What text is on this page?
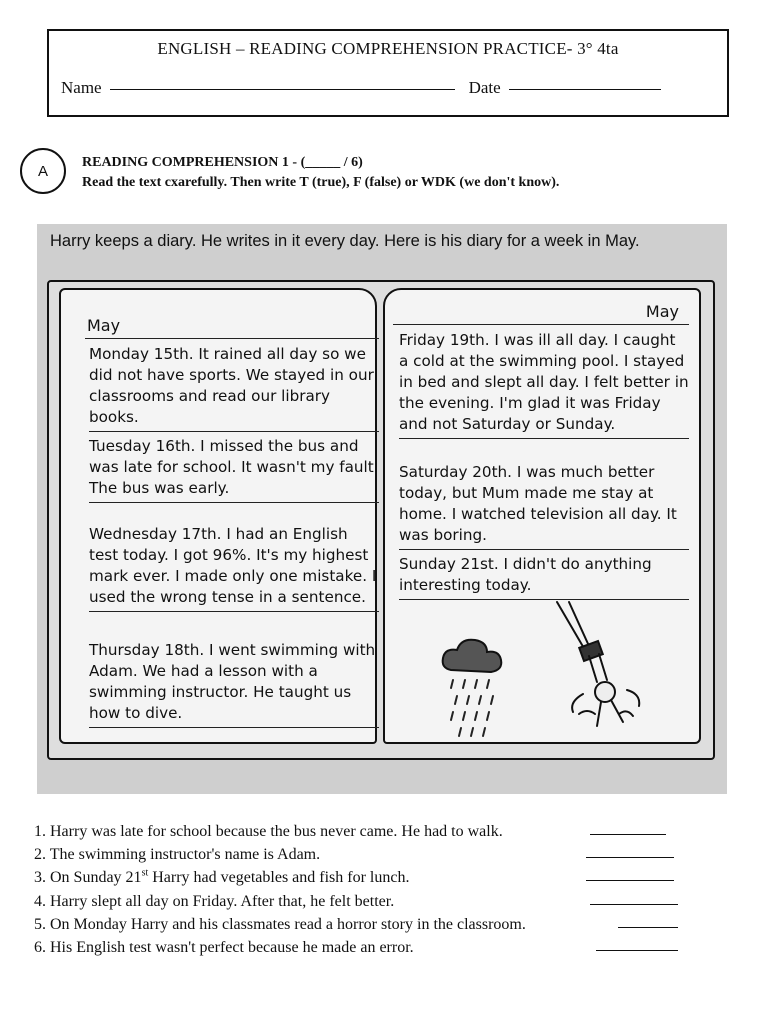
ENGLISH – READING COMPREHENSION PRACTICE- 3° 4ta
Name	Date
A	READING COMPREHENSION 1 - (_____ / 6)
Read the text cxarefully. Then write T (true), F (false) or WDK (we don't know).
Harry keeps a diary. He writes in it every day. Here is his diary for a week in May.
May
Monday 15th. It rained all day so we did not have sports. We stayed in our classrooms and read our library books.
Tuesday 16th. I missed the bus and was late for school. It wasn't my fault. The bus was early.
Wednesday 17th. I had an English test today. I got 96%. It's my highest mark ever. I made only one mistake. I used the wrong tense in a sentence.
Thursday 18th. I went swimming with Adam. We had a lesson with a swimming instructor. He taught us how to dive.
May
Friday 19th. I was ill all day. I caught a cold at the swimming pool. I stayed in bed and slept all day. I felt better in the evening. I'm glad it was Friday and not Saturday or Sunday.
Saturday 20th. I was much better today, but Mum made me stay at home. I watched television all day. It was boring.
Sunday 21st. I didn't do anything interesting today.
1. Harry was late for school because the bus never came. He had to walk.
2. The swimming instructor's name is Adam.
3. On Sunday 21st Harry had vegetables and fish for lunch.
4. Harry slept all day on Friday. After that, he felt better.
5. On Monday Harry and his classmates read a horror story in the classroom.
6. His English test wasn't perfect because he made an error.
